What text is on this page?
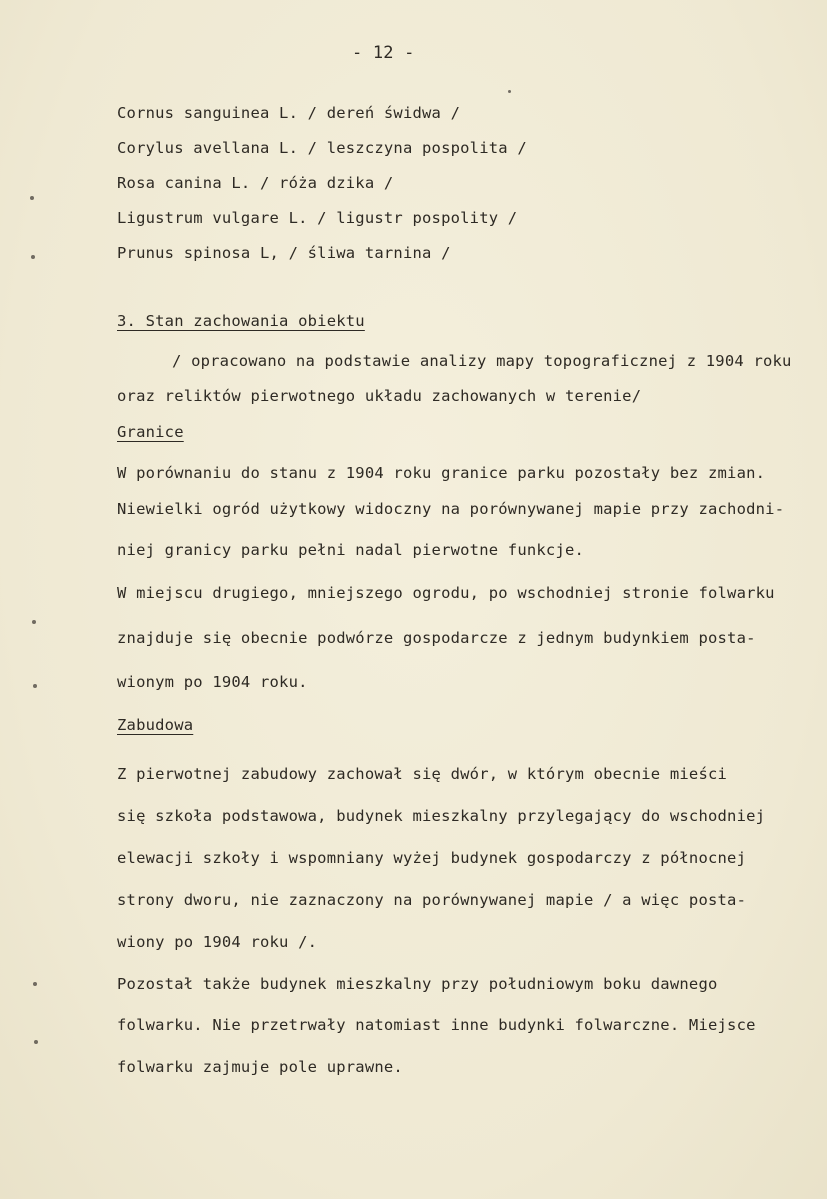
- 12 -
Cornus sanguinea L. / dereń świdwa /
Corylus avellana L. / leszczyna pospolita /
Rosa canina L. / róża dzika /
Ligustrum vulgare L. / ligustr pospolity /
Prunus spinosa L, / śliwa tarnina /
3. Stan zachowania obiektu
/ opracowano na podstawie analizy mapy topograficznej z 1904 roku
oraz reliktów pierwotnego układu zachowanych w terenie/
Granice
W porównaniu do stanu z 1904 roku granice parku pozostały bez zmian.
Niewielki ogród użytkowy widoczny na porównywanej mapie przy zachodni-
niej granicy parku pełni nadal pierwotne funkcje.
W miejscu drugiego, mniejszego ogrodu, po wschodniej stronie folwarku
znajduje się obecnie podwórze gospodarcze z jednym budynkiem posta-
wionym po 1904 roku.
Zabudowa
Z pierwotnej zabudowy zachował się dwór, w którym obecnie mieści
się szkoła podstawowa, budynek mieszkalny przylegający do wschodniej
elewacji szkoły i wspomniany wyżej budynek gospodarczy z północnej
strony dworu, nie zaznaczony na porównywanej mapie / a więc posta-
wiony po 1904 roku /.
Pozostał także budynek mieszkalny przy południowym boku dawnego
folwarku. Nie przetrwały natomiast inne budynki folwarczne. Miejsce
folwarku zajmuje pole uprawne.
